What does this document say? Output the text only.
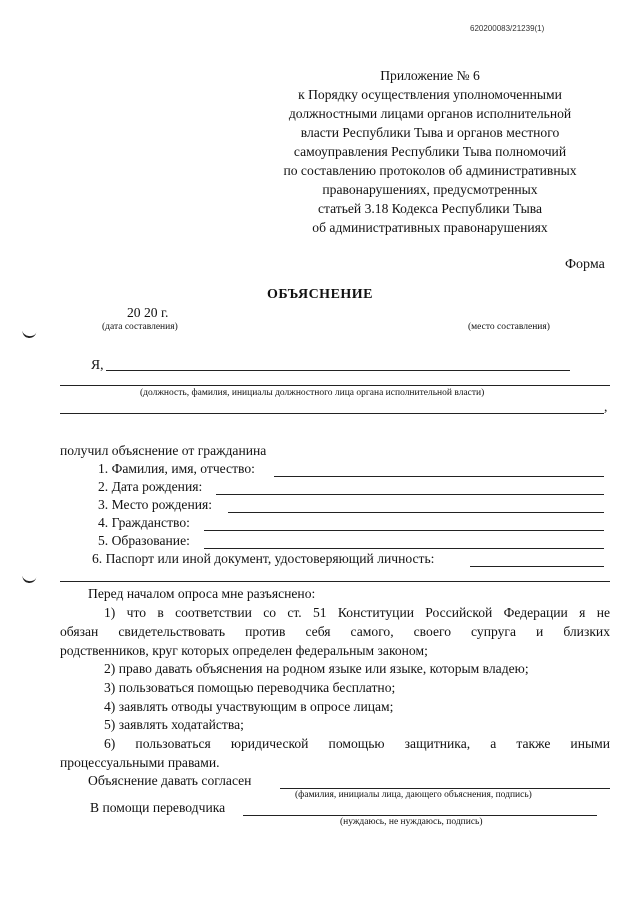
620200083/21239(1)
Приложение № 6
к Порядку осуществления уполномоченными
должностными лицами органов исполнительной
власти Республики Тыва и органов местного
самоуправления Республики Тыва полномочий
по составлению протоколов об административных
правонарушениях, предусмотренных
статьей 3.18 Кодекса Республики Тыва
об административных правонарушениях
Форма
ОБЪЯСНЕНИЕ
20 20 г.
(дата составления)	(место составления)
Я,
(должность, фамилия, инициалы должностного лица органа исполнительной власти)
,
получил объяснение от гражданина
1. Фамилия, имя, отчество:
2. Дата рождения:
3. Место рождения:
4. Гражданство:
5. Образование:
6. Паспорт или иной документ, удостоверяющий личность:
Перед началом опроса мне разъяснено:
1) что в соответствии со ст. 51 Конституции Российской Федерации я не
обязан свидетельствовать против себя самого, своего супруга и близких
родственников, круг которых определен федеральным законом;
2) право давать объяснения на родном языке или языке, которым владею;
3) пользоваться помощью переводчика бесплатно;
4) заявлять отводы участвующим в опросе лицам;
5) заявлять ходатайства;
6) пользоваться юридической помощью защитника, а также иными
процессуальными правами.
Объяснение давать согласен
(фамилия, инициалы лица, дающего объяснения, подпись)
В помощи переводчика
(нуждаюсь, не нуждаюсь, подпись)
